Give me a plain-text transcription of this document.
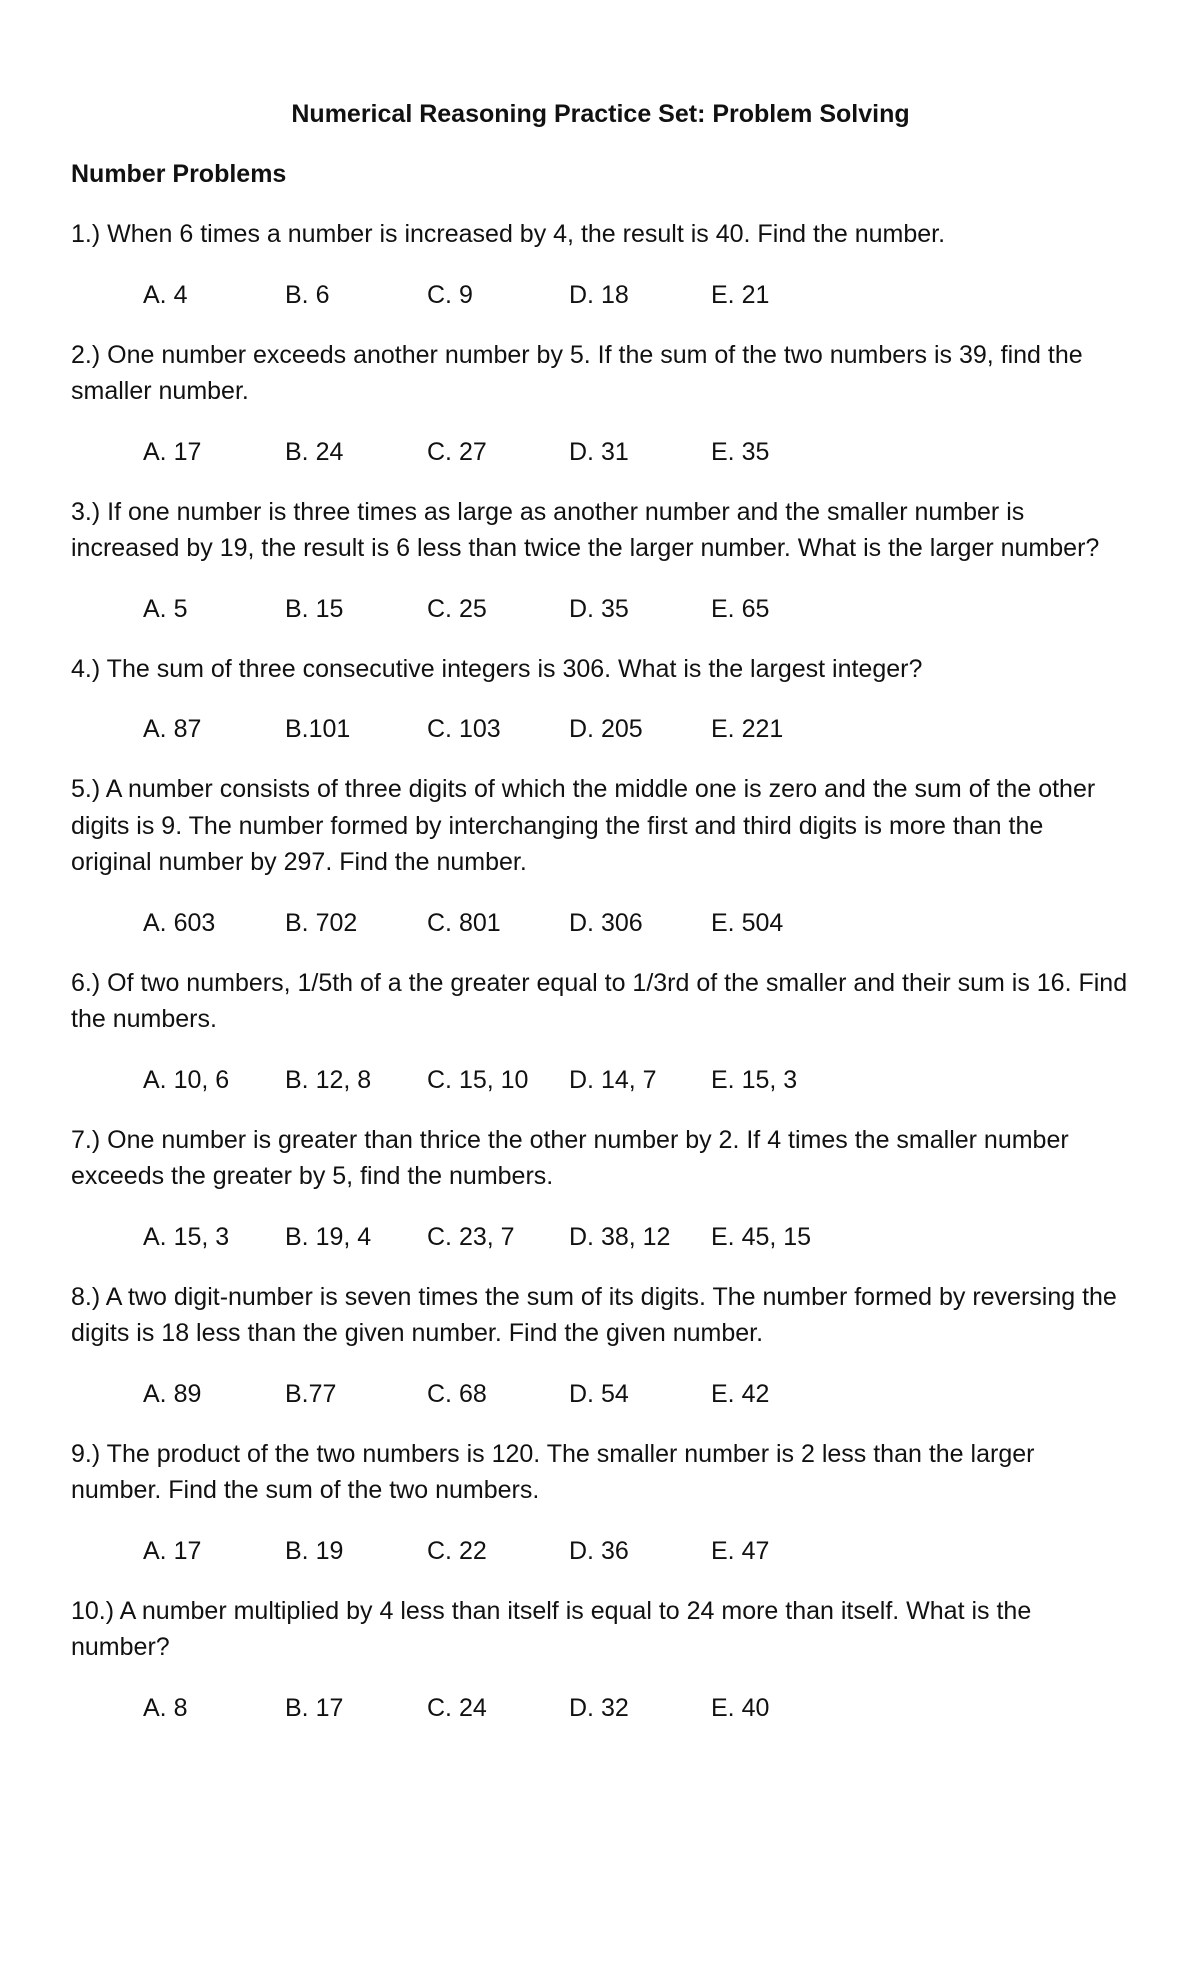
Numerical Reasoning Practice Set: Problem Solving
Number Problems
1.) When 6 times a number is increased by 4, the result is 40. Find the number.
A. 4	B. 6	C. 9	D. 18	E. 21
2.) One number exceeds another number by 5. If the sum of the two numbers is 39, find the smaller number.
A. 17	B. 24	C. 27	D. 31	E. 35
3.) If one number is three times as large as another number and the smaller number is increased by 19, the result is 6 less than twice the larger number. What is the larger number?
A. 5	B. 15	C. 25	D. 35	E. 65
4.) The sum of three consecutive integers is 306. What is the largest integer?
A. 87	B.101	C. 103	D. 205	E. 221
5.) A number consists of three digits of which the middle one is zero and the sum of the other digits is 9. The number formed by interchanging the first and third digits is more than the original number by 297. Find the number.
A. 603	B. 702	C. 801	D. 306	E. 504
6.) Of two numbers, 1/5th of a the greater equal to 1/3rd of the smaller and their sum is 16. Find the numbers.
A. 10, 6	B. 12, 8	C. 15, 10	D. 14, 7	E. 15, 3
7.) One number is greater than thrice the other number by 2. If 4 times the smaller number exceeds the greater by 5, find the numbers.
A. 15, 3	B. 19, 4	C. 23, 7	D. 38, 12	E. 45, 15
8.) A two digit-number is seven times the sum of its digits. The number formed by reversing the digits is 18 less than the given number. Find the given number.
A. 89	B.77	C. 68	D. 54	E. 42
9.) The product of the two numbers is 120. The smaller number is 2 less than the larger number. Find the sum of the two numbers.
A. 17	B. 19	C. 22	D. 36	E. 47
10.) A number multiplied by 4 less than itself is equal to 24 more than itself. What is the number?
A. 8	B. 17	C. 24	D. 32	E. 40
